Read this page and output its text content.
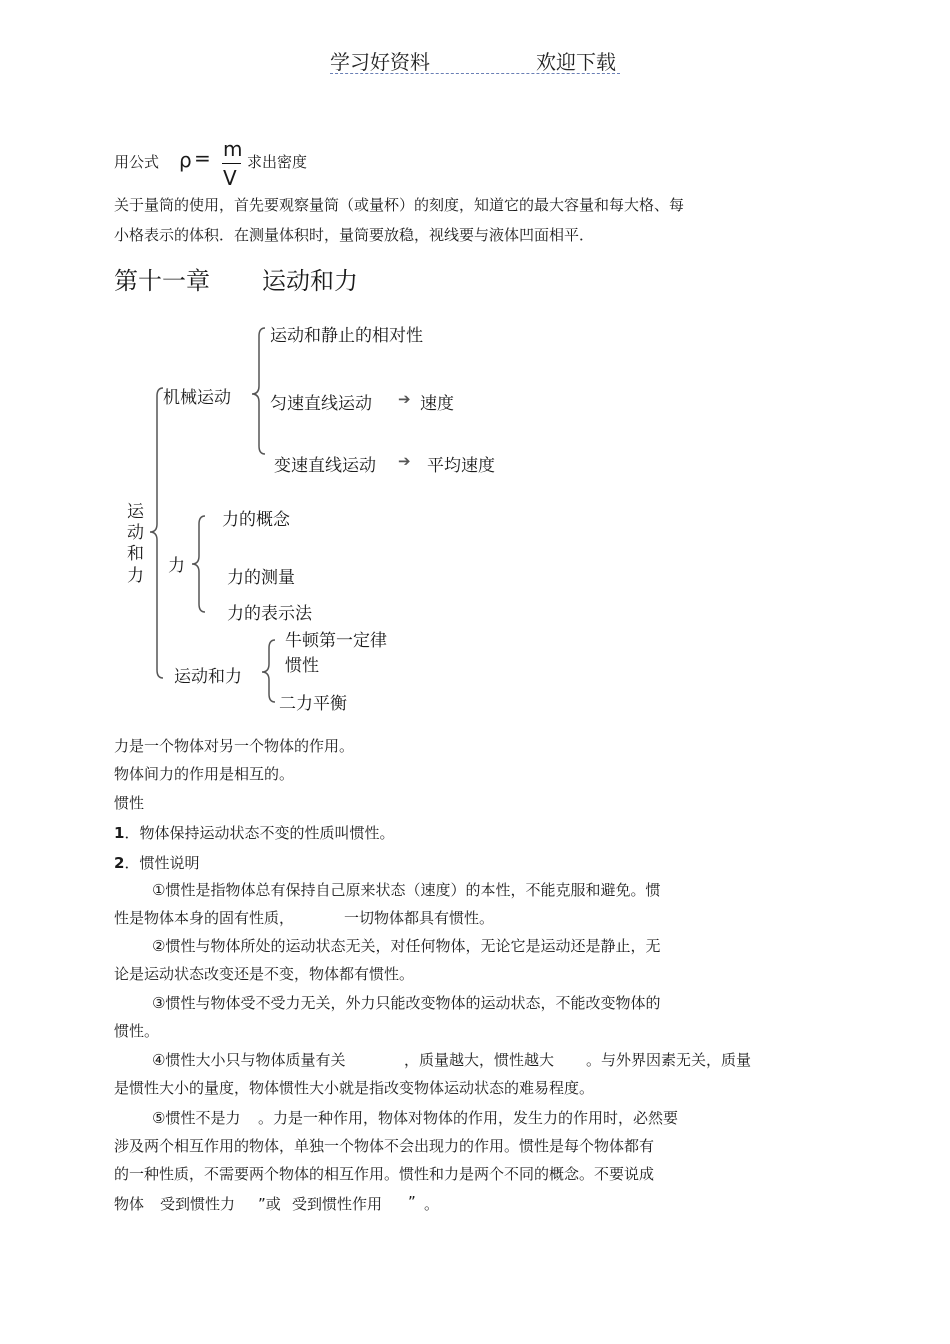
学习好资料	欢迎下载
用公式 ρ = m
V
求出密度
关于量筒的使用，首先要观察量筒（或量杯）的刻度，知道它的最大容量和每大格、每
小格表示的体积．在测量体积时，量筒要放稳，视线要与液体凹面相平．
第十一章 运动和力
运
动
和
力
机械运动
运动和静止的相对性
匀速直线运动 ➔ 速度
变速直线运动 ➔ 平均速度
力
力的概念
力的测量
力的表示法
运动和力
牛顿第一定律
惯性
二力平衡
力是一个物体对另一个物体的作用。
物体间力的作用是相互的。
惯性
1．物体保持运动状态不变的性质叫惯性。
2．惯性说明
①惯性是指物体总有保持自己原来状态（速度）的本性，不能克服和避免。惯
性是物体本身的固有性质，	一切物体都具有惯性。
②惯性与物体所处的运动状态无关，对任何物体，无论它是运动还是静止，无
论是运动状态改变还是不变，物体都有惯性。
③惯性与物体受不受力无关，外力只能改变物体的运动状态，不能改变物体的
惯性。
④惯性大小只与物体质量有关	，质量越大，惯性越大 。与外界因素无关，质量
是惯性大小的量度，物体惯性大小就是指改变物体运动状态的难易程度。
⑤惯性不是力 。力是一种作用，物体对物体的作用，发生力的作用时，必然要
涉及两个相互作用的物体，单独一个物体不会出现力的作用。惯性是每个物体都有
的一种性质，不需要两个物体的相互作用。惯性和力是两个不同的概念。不要说成
物体 受到惯性力 ”或 受到惯性作用 ” 。
